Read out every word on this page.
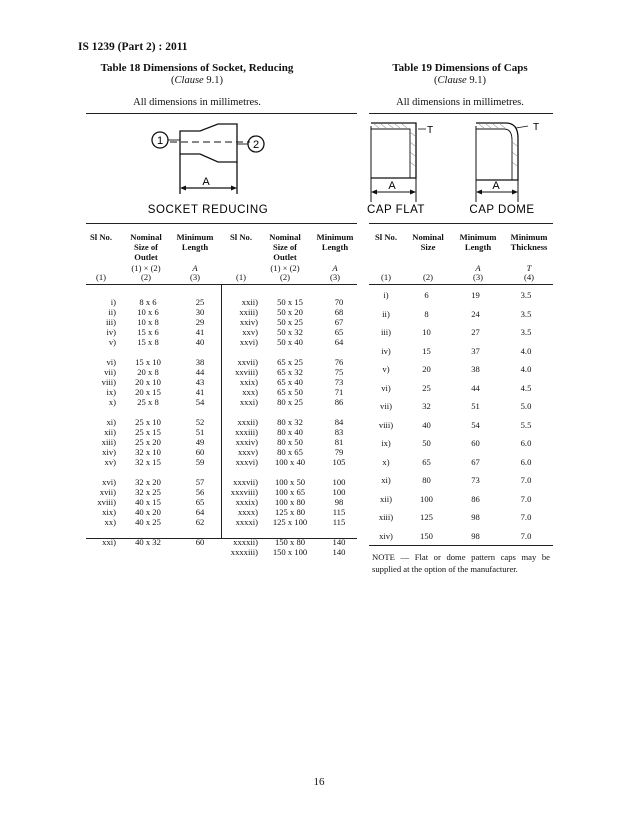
IS 1239 (Part 2) : 2011
Table 18 Dimensions of Socket, Reducing
(Clause 9.1)
All dimensions in millimetres.
1	2
A
SOCKET REDUCING
Sl No.	Nominal
Size of
Outlet
(1) × (2)
Minimum
Length

A
(1)	(2)	(3)
Sl No.	Nominal
Size of
Outlet
(1) × (2)
Minimum
Length

A
(1)	(2)	(3)
i)	8 x 6	25
ii)	10 x 6	30
iii)	10 x 8	29
iv)	15 x 6	41
v)	15 x 8	40

vi)	15 x 10	38
vii)	20 x 8	44
viii)	20 x 10	43
ix)	20 x 15	41
x)	25 x 8	54

xi)	25 x 10	52
xii)	25 x 15	51
xiii)	25 x 20	49
xiv)	32 x 10	60
xv)	32 x 15	59

xvi)	32 x 20	57
xvii)	32 x 25	56
xviii)	40 x 15	65
xix)	40 x 20	64
xx)	40 x 25	62

xxi)	40 x 32	60
xxii)	50 x 15	70
xxiii)	50 x 20	68
xxiv)	50 x 25	67
xxv)	50 x 32	65
xxvi)	50 x 40	64

xxvii)	65 x 25	76
xxviii)	65 x 32	75
xxix)	65 x 40	73
xxx)	65 x 50	71
xxxi)	80 x 25	86

xxxii)	80 x 32	84
xxxiii)	80 x 40	83
xxxiv)	80 x 50	81
xxxv)	80 x 65	79
xxxvi)	100 x 40	105

xxxvii)	100 x 50	100
xxxviii)	100 x 65	100
xxxix)	100 x 80	98
xxxx)	125 x 80	115
xxxxi)	125 x 100	115

xxxxii)	150 x 80	140
xxxxiii)	150 x 100	140
Table 19 Dimensions of Caps
(Clause 9.1)
All dimensions in millimetres.
T
A
CAP FLAT
T
A
CAP DOME
Sl No.	Nominal
Size
Minimum
Length

A
Minimum
Thickness

T
(1)	(2)	(3)	(4)
i)	6	19	3.5
ii)	8	24	3.5
iii)	10	27	3.5
iv)	15	37	4.0
v)	20	38	4.0
vi)	25	44	4.5
vii)	32	51	5.0
viii)	40	54	5.5
ix)	50	60	6.0
x)	65	67	6.0
xi)	80	73	7.0
xii)	100	86	7.0
xiii)	125	98	7.0
xiv)	150	98	7.0
NOTE — Flat or dome pattern caps may be supplied at the option of the manufacturer.
16
